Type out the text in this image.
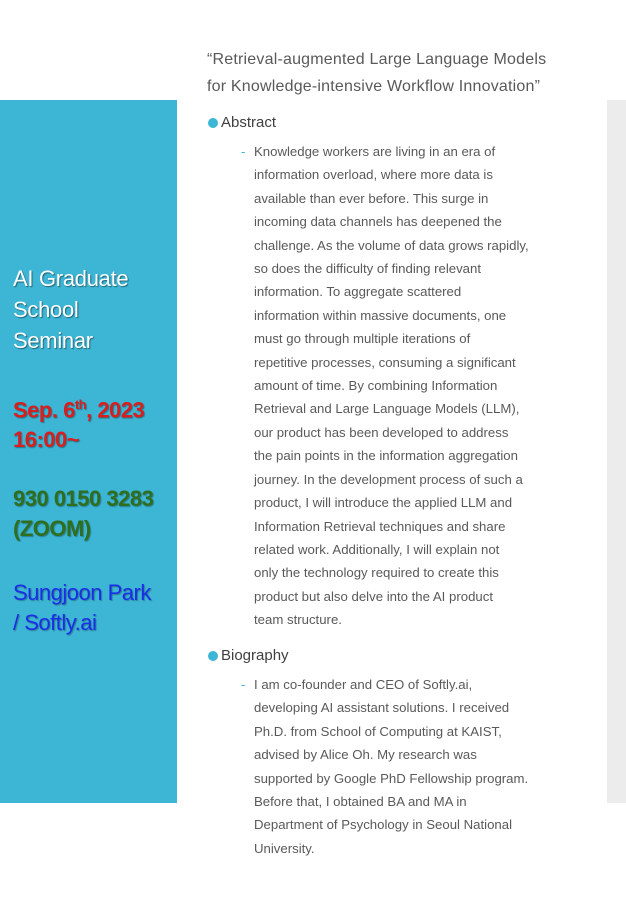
“Retrieval-augmented Large Language Models
for Knowledge-intensive Workflow Innovation”
AI Graduate
School
Seminar
Sep. 6th, 2023
16:00~
930 0150 3283
(ZOOM)
Sungjoon Park
/ Softly.ai
Abstract
- Knowledge workers are living in an era of
information overload, where more data is
available than ever before. This surge in
incoming data channels has deepened the
challenge. As the volume of data grows rapidly,
so does the difficulty of finding relevant
information. To aggregate scattered
information within massive documents, one
must go through multiple iterations of
repetitive processes, consuming a significant
amount of time. By combining Information
Retrieval and Large Language Models (LLM),
our product has been developed to address
the pain points in the information aggregation
journey. In the development process of such a
product, I will introduce the applied LLM and
Information Retrieval techniques and share
related work. Additionally, I will explain not
only the technology required to create this
product but also delve into the AI product
team structure.
Biography
- I am co-founder and CEO of Softly.ai,
developing AI assistant solutions. I received
Ph.D. from School of Computing at KAIST,
advised by Alice Oh. My research was
supported by Google PhD Fellowship program.
Before that, I obtained BA and MA in
Department of Psychology in Seoul National
University.
